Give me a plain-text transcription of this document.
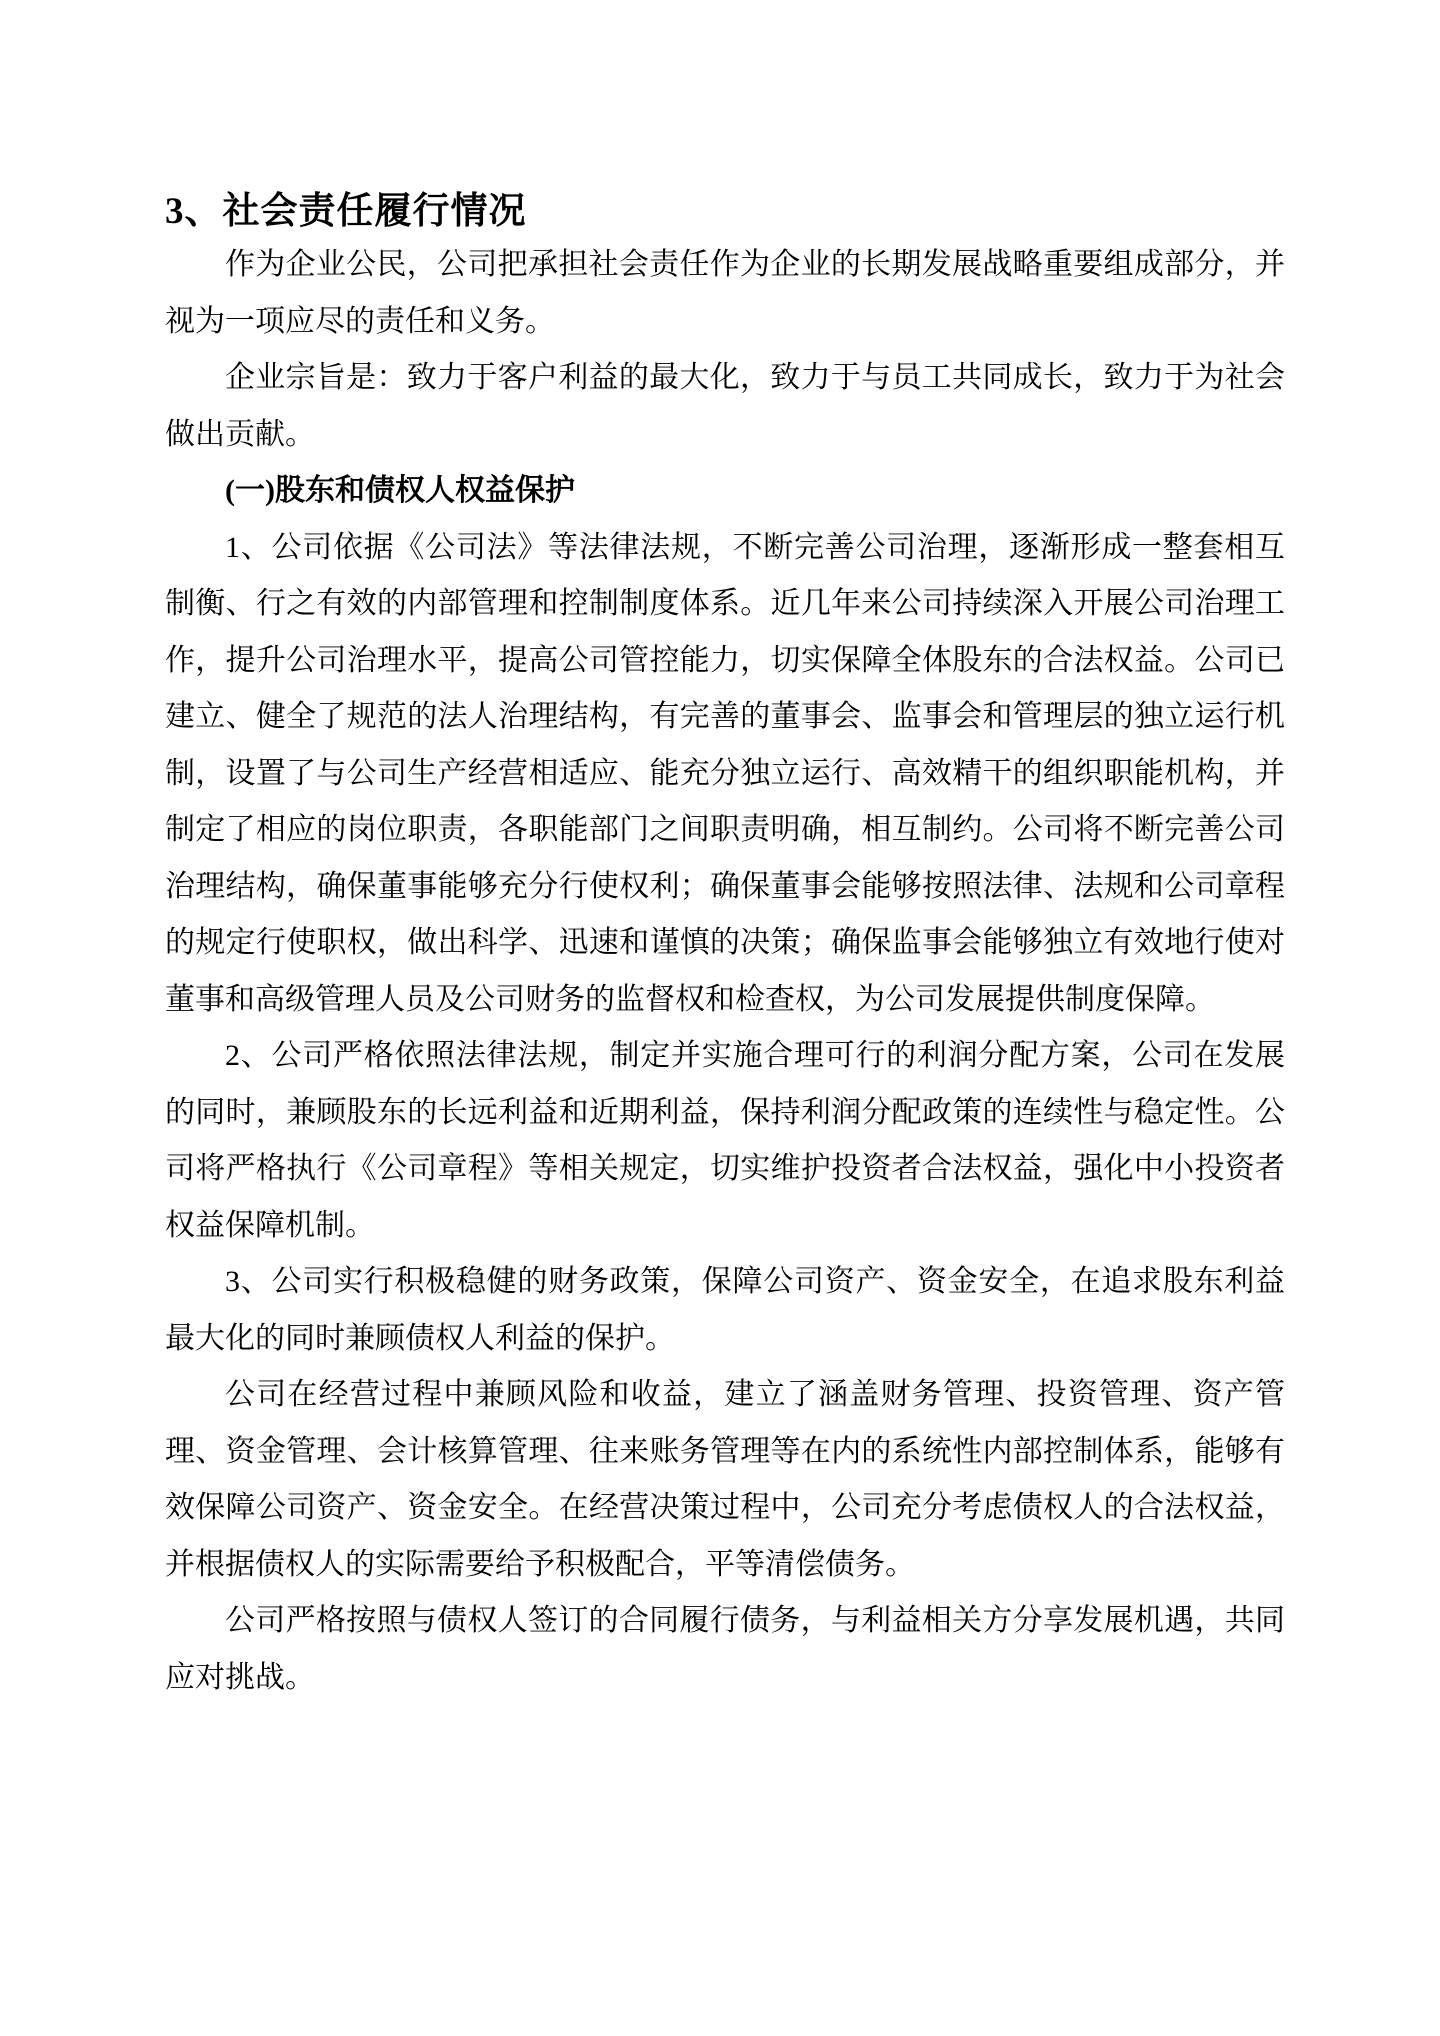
3、社会责任履行情况

作为企业公民，公司把承担社会责任作为企业的长期发展战略重要组成部分，并视为一项应尽的责任和义务。

企业宗旨是：致力于客户利益的最大化，致力于与员工共同成长，致力于为社会做出贡献。

(一)股东和债权人权益保护

1、公司依据《公司法》等法律法规，不断完善公司治理，逐渐形成一整套相互制衡、行之有效的内部管理和控制制度体系。近几年来公司持续深入开展公司治理工作，提升公司治理水平，提高公司管控能力，切实保障全体股东的合法权益。公司已建立、健全了规范的法人治理结构，有完善的董事会、监事会和管理层的独立运行机制，设置了与公司生产经营相适应、能充分独立运行、高效精干的组织职能机构，并制定了相应的岗位职责，各职能部门之间职责明确，相互制约。公司将不断完善公司治理结构，确保董事能够充分行使权利；确保董事会能够按照法律、法规和公司章程的规定行使职权，做出科学、迅速和谨慎的决策；确保监事会能够独立有效地行使对董事和高级管理人员及公司财务的监督权和检查权，为公司发展提供制度保障。

2、公司严格依照法律法规，制定并实施合理可行的利润分配方案，公司在发展的同时，兼顾股东的长远利益和近期利益，保持利润分配政策的连续性与稳定性。公司将严格执行《公司章程》等相关规定，切实维护投资者合法权益，强化中小投资者权益保障机制。

3、公司实行积极稳健的财务政策，保障公司资产、资金安全，在追求股东利益最大化的同时兼顾债权人利益的保护。

公司在经营过程中兼顾风险和收益，建立了涵盖财务管理、投资管理、资产管理、资金管理、会计核算管理、往来账务管理等在内的系统性内部控制体系，能够有效保障公司资产、资金安全。在经营决策过程中，公司充分考虑债权人的合法权益，并根据债权人的实际需要给予积极配合，平等清偿债务。

公司严格按照与债权人签订的合同履行债务，与利益相关方分享发展机遇，共同应对挑战。
